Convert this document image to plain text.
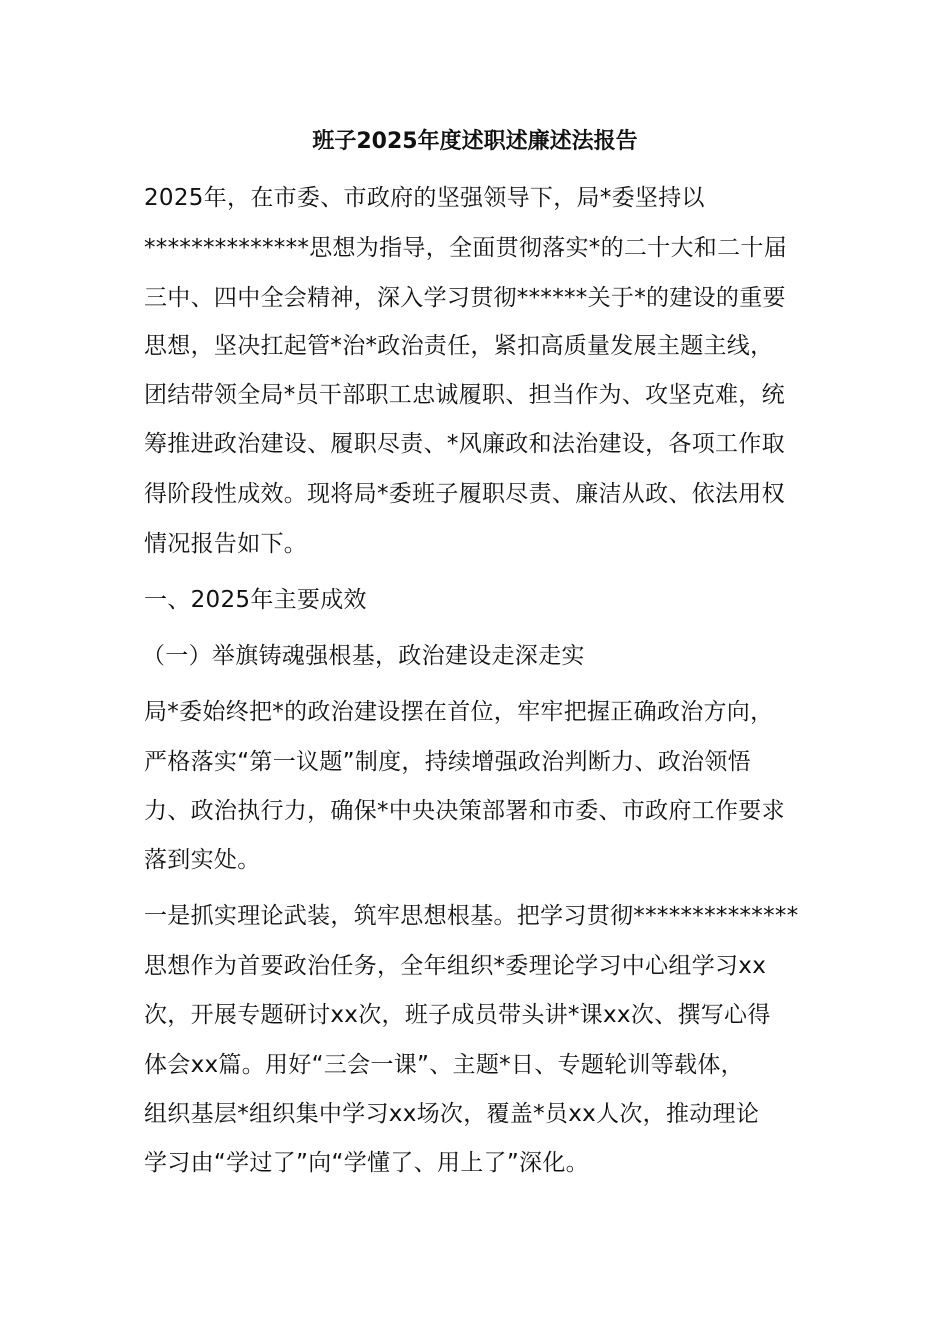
班子2025年度述职述廉述法报告
2025年，在市委、市政府的坚强领导下，局*委坚持以
**************思想为指导，全面贯彻落实*的二十大和二十届
三中、四中全会精神，深入学习贯彻******关于*的建设的重要
思想，坚决扛起管*治*政治责任，紧扣高质量发展主题主线，
团结带领全局*员干部职工忠诚履职、担当作为、攻坚克难，统
筹推进政治建设、履职尽责、*风廉政和法治建设，各项工作取
得阶段性成效。现将局*委班子履职尽责、廉洁从政、依法用权
情况报告如下。
一、2025年主要成效
（一）举旗铸魂强根基，政治建设走深走实
局*委始终把*的政治建设摆在首位，牢牢把握正确政治方向，
严格落实“第一议题”制度，持续增强政治判断力、政治领悟
力、政治执行力，确保*中央决策部署和市委、市政府工作要求
落到实处。
一是抓实理论武装，筑牢思想根基。把学习贯彻**************
思想作为首要政治任务，全年组织*委理论学习中心组学习xx
次，开展专题研讨xx次，班子成员带头讲*课xx次、撰写心得
体会xx篇。用好“三会一课”、主题*日、专题轮训等载体，
组织基层*组织集中学习xx场次，覆盖*员xx人次，推动理论
学习由“学过了”向“学懂了、用上了”深化。
